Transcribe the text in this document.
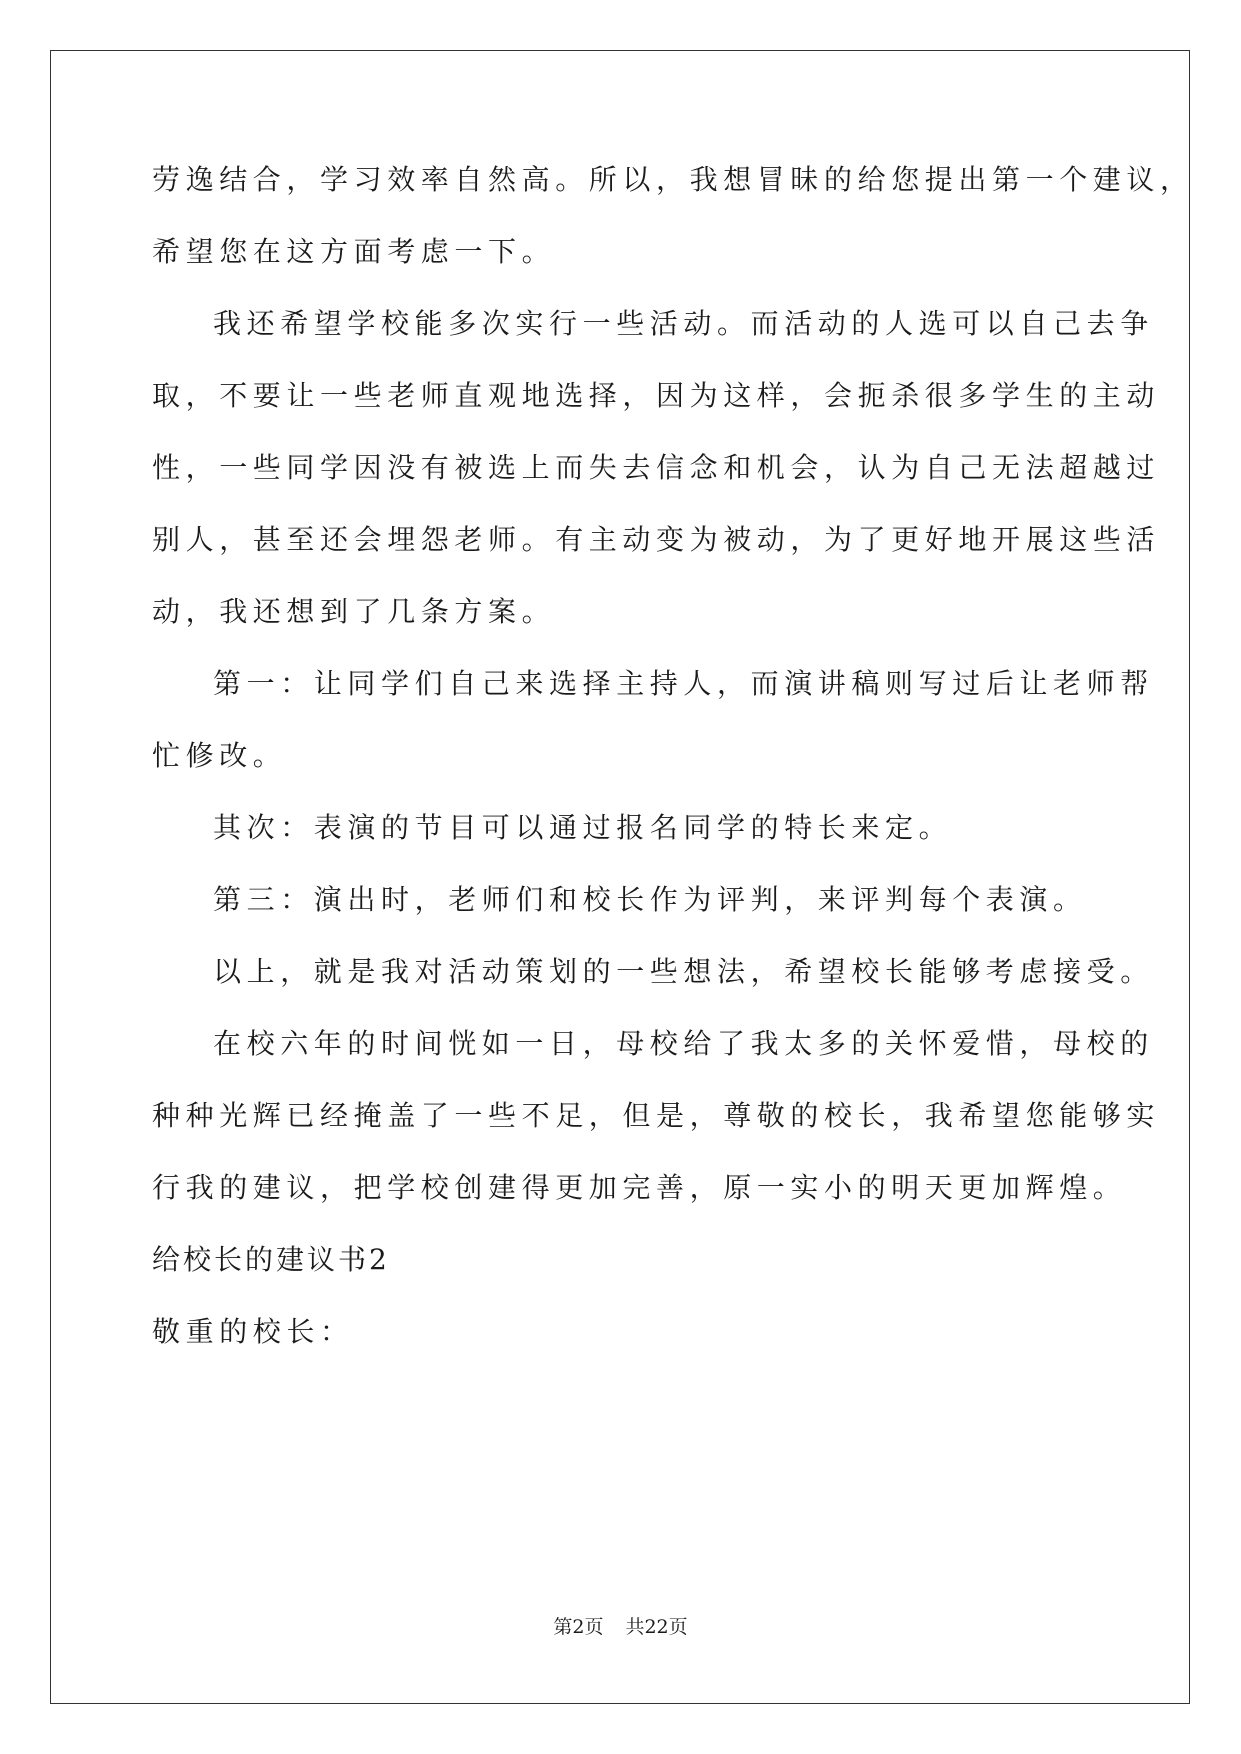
劳逸结合，学习效率自然高。所以，我想冒昧的给您提出第一个建议，
希望您在这方面考虑一下。
我还希望学校能多次实行一些活动。而活动的人选可以自己去争
取，不要让一些老师直观地选择，因为这样，会扼杀很多学生的主动
性，一些同学因没有被选上而失去信念和机会，认为自己无法超越过
别人，甚至还会埋怨老师。有主动变为被动，为了更好地开展这些活
动，我还想到了几条方案。
第一：让同学们自己来选择主持人，而演讲稿则写过后让老师帮
忙修改。
其次：表演的节目可以通过报名同学的特长来定。
第三：演出时，老师们和校长作为评判，来评判每个表演。
以上，就是我对活动策划的一些想法，希望校长能够考虑接受。
在校六年的时间恍如一日，母校给了我太多的关怀爱惜，母校的
种种光辉已经掩盖了一些不足，但是，尊敬的校长，我希望您能够实
行我的建议，把学校创建得更加完善，原一实小的明天更加辉煌。
给校长的建议书2
敬重的校长：
第2页 共22页
